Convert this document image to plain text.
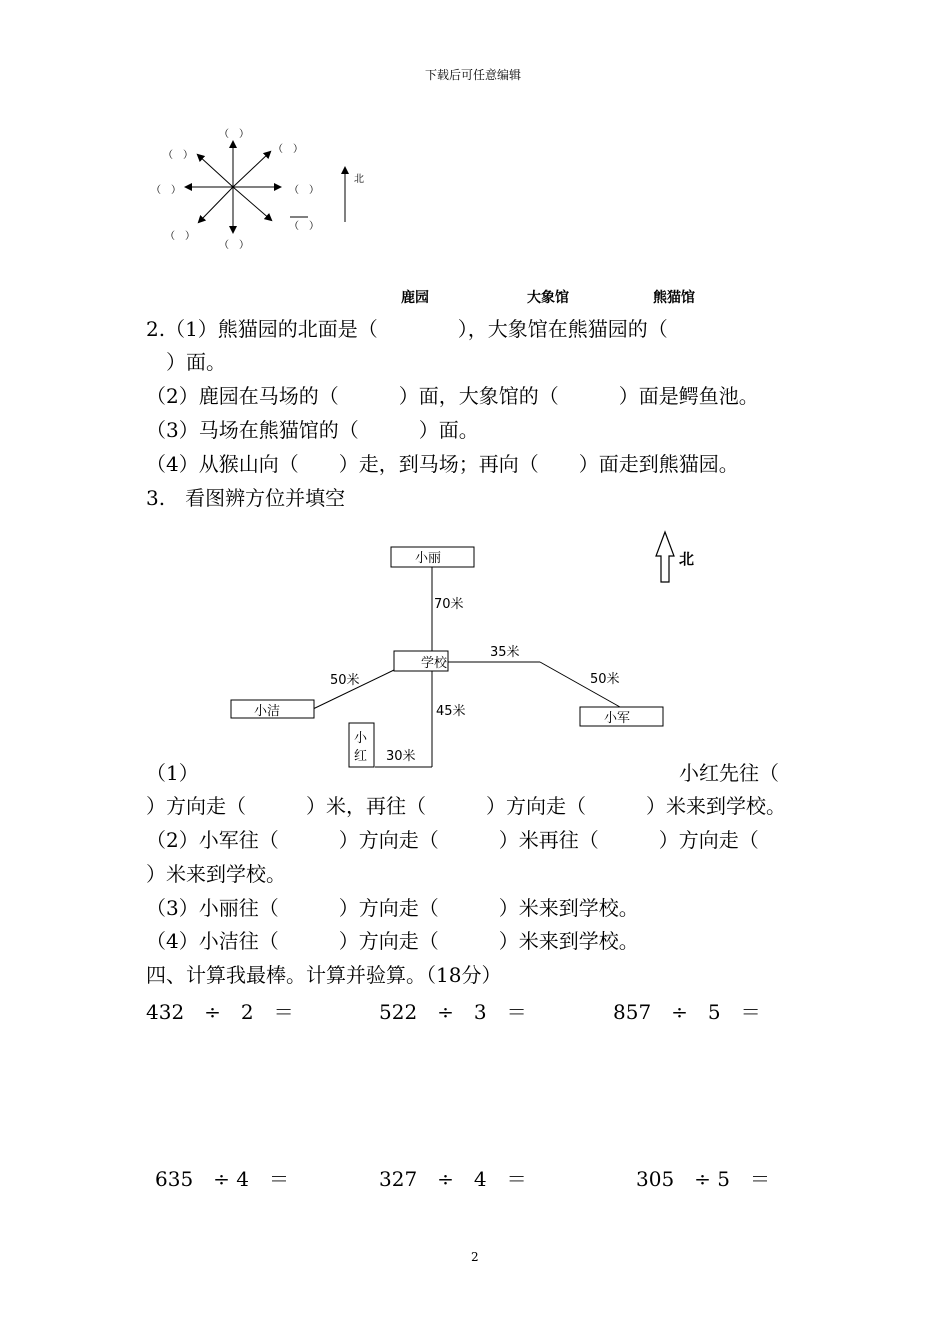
下载后可任意编辑
（　）
（　）
（　）
（　）	（　）
（　）
（　）
（　）
北
鹿园	大象馆	熊猫馆
2.（1）熊猫园的北面是（　　　　），大象馆在熊猫园的（
　）面。
（2）鹿园在马场的（　　　）面，大象馆的（　　　）面是鳄鱼池。
（3）马场在熊猫馆的（　　　）面。
（4）从猴山向（　　）走，到马场；再向（　　）面走到熊猫园。
3.　看图辨方位并填空
小丽
学校
小洁	小军
小
红
70米
35米
50米	50米
45米
30米
北
（1）	小红先往（
）方向走（　　　）米，再往（　　　）方向走（　　　）米来到学校。
（2）小军往（　　　）方向走（　　　）米再往（　　　）方向走（
）米来到学校。
（3）小丽往（　　　）方向走（　　　）米来到学校。
（4）小洁往（　　　）方向走（　　　）米来到学校。
四、计算我最棒。计算并验算。（18分）
432　÷　2　＝	522　÷　3　＝	857　÷　5　＝
635　÷ 4　＝	327　÷　4　＝	305　÷ 5　＝
2
